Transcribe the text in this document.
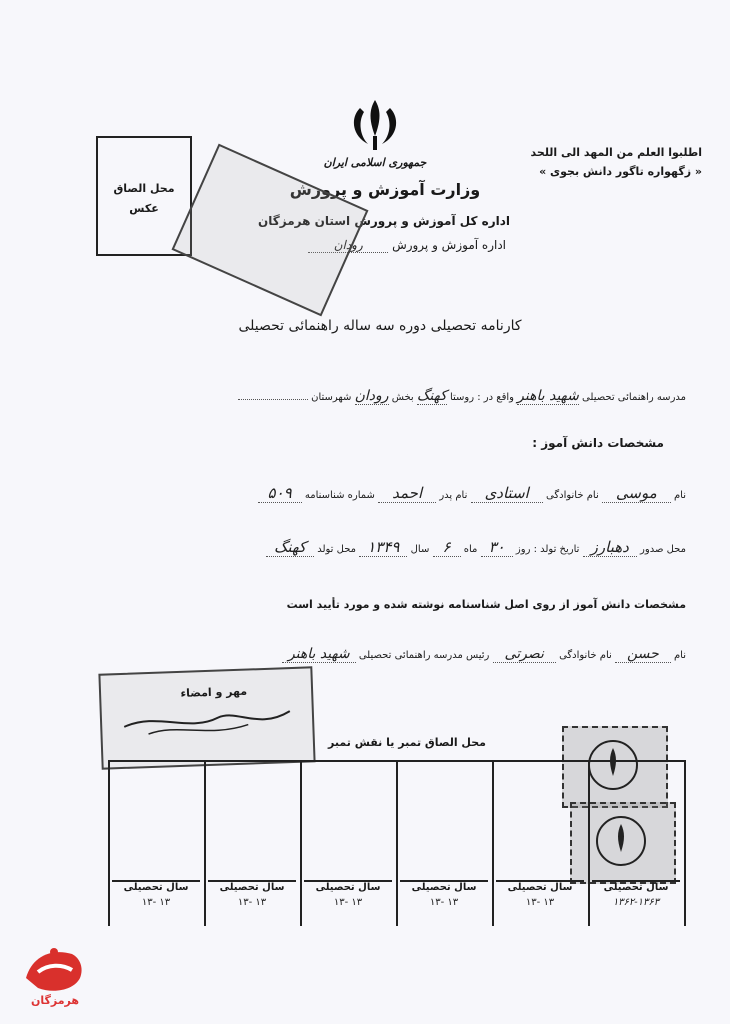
اطلبوا العلم من المهد الی اللحد
« زگهواره تاگور دانش بجوی »
جمهوری اسلامی ایران
وزارت آموزش و پرورش
اداره کل آموزش و پرورش استان هرمزگان
اداره آموزش و پرورش رودان
محل الصاق
عکس
کارنامه تحصیلی دوره سه ساله راهنمائی تحصیلی
مدرسه راهنمائی تحصیلی شهید باهنر واقع در : روستا کهنگ بخش رودان شهرستان
مشخصات دانش آموز :
نام موسی نام خانوادگی استادی نام پدر احمد شماره شناسنامه ۵۰۹
محل صدور دهبارز تاریخ تولد : روز ۳۰ ماه ۶ سال ۱۳۴۹ محل تولد کهنگ
مشخصات دانش آموز از روی اصل شناسنامه نوشته شده و مورد تأیید است
نام حسن نام خانوادگی نصرتی رئیس مدرسه راهنمائی تحصیلی شهید باهنر
مهر و امضاء
محل الصاق تمبر یا نقش تمبر
سال تحصیلی
۱۳ -۱۳
سال تحصیلی
۱۳ -۱۳
سال تحصیلی
۱۳ -۱۳
سال تحصیلی
۱۳ -۱۳
سال تحصیلی
۱۳ -۱۳
سال تحصیلی
۱۳۶۲-۱۳۶۳
هرمزگان
